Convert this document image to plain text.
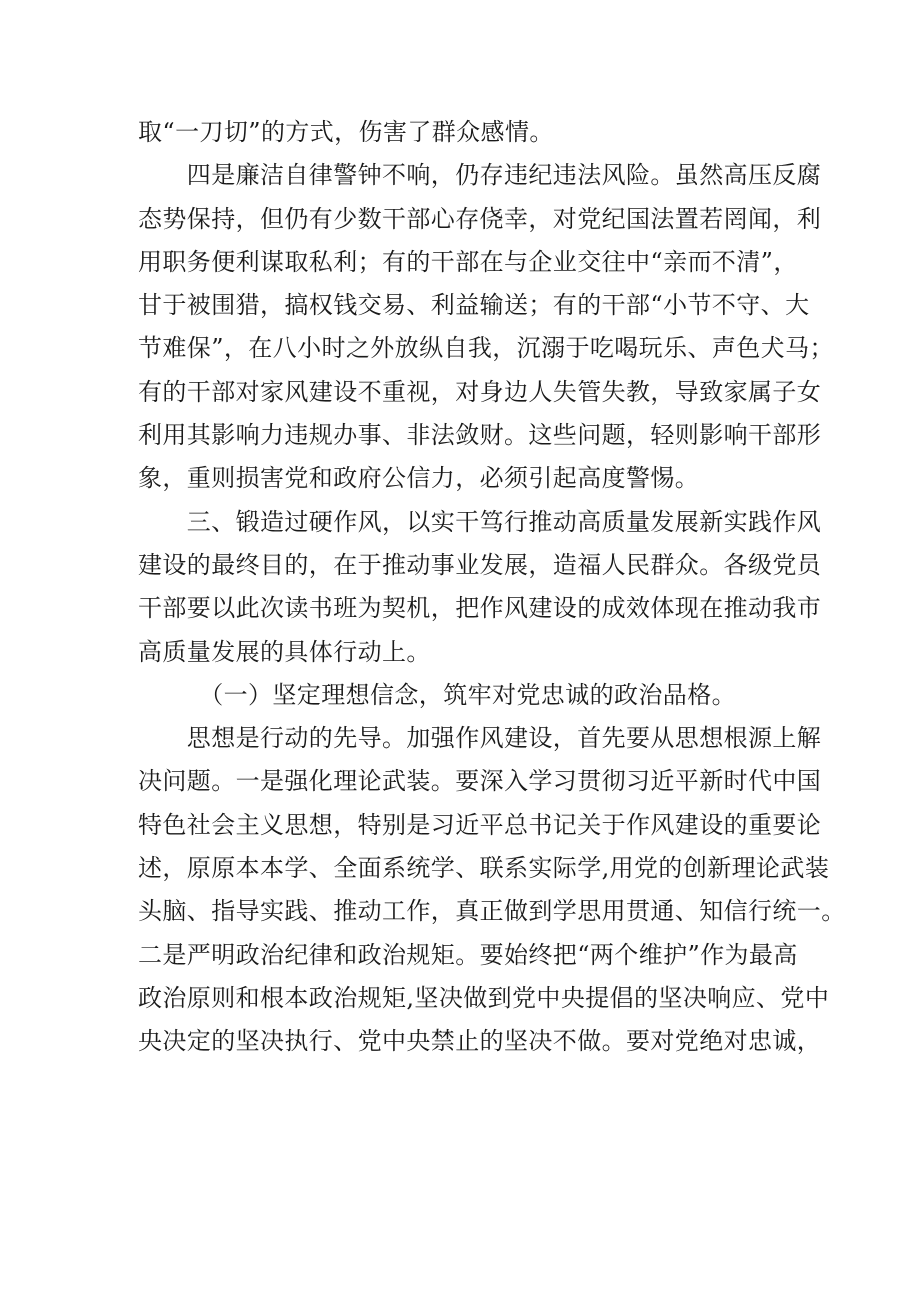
取“一刀切”的方式，伤害了群众感情。

　　四是廉洁自律警钟不响，仍存违纪违法风险。虽然高压反腐

态势保持，但仍有少数干部心存侥幸，对党纪国法置若罔闻，利

用职务便利谋取私利；有的干部在与企业交往中“亲而不清”，

甘于被围猎，搞权钱交易、利益输送；有的干部“小节不守、大

节难保”，在八小时之外放纵自我，沉溺于吃喝玩乐、声色犬马；

有的干部对家风建设不重视，对身边人失管失教，导致家属子女

利用其影响力违规办事、非法敛财。这些问题，轻则影响干部形

象，重则损害党和政府公信力，必须引起高度警惕。

　　三、锻造过硬作风，以实干笃行推动高质量发展新实践作风

建设的最终目的，在于推动事业发展，造福人民群众。各级党员

干部要以此次读书班为契机，把作风建设的成效体现在推动我市

高质量发展的具体行动上。

　　　（一）坚定理想信念，筑牢对党忠诚的政治品格。

　　思想是行动的先导。加强作风建设，首先要从思想根源上解

决问题。一是强化理论武装。要深入学习贯彻习近平新时代中国

特色社会主义思想，特别是习近平总书记关于作风建设的重要论

述，原原本本学、全面系统学、联系实际学,用党的创新理论武装

头脑、指导实践、推动工作，真正做到学思用贯通、知信行统一。

二是严明政治纪律和政治规矩。要始终把“两个维护”作为最高

政治原则和根本政治规矩,坚决做到党中央提倡的坚决响应、党中

央决定的坚决执行、党中央禁止的坚决不做。要对党绝对忠诚，
